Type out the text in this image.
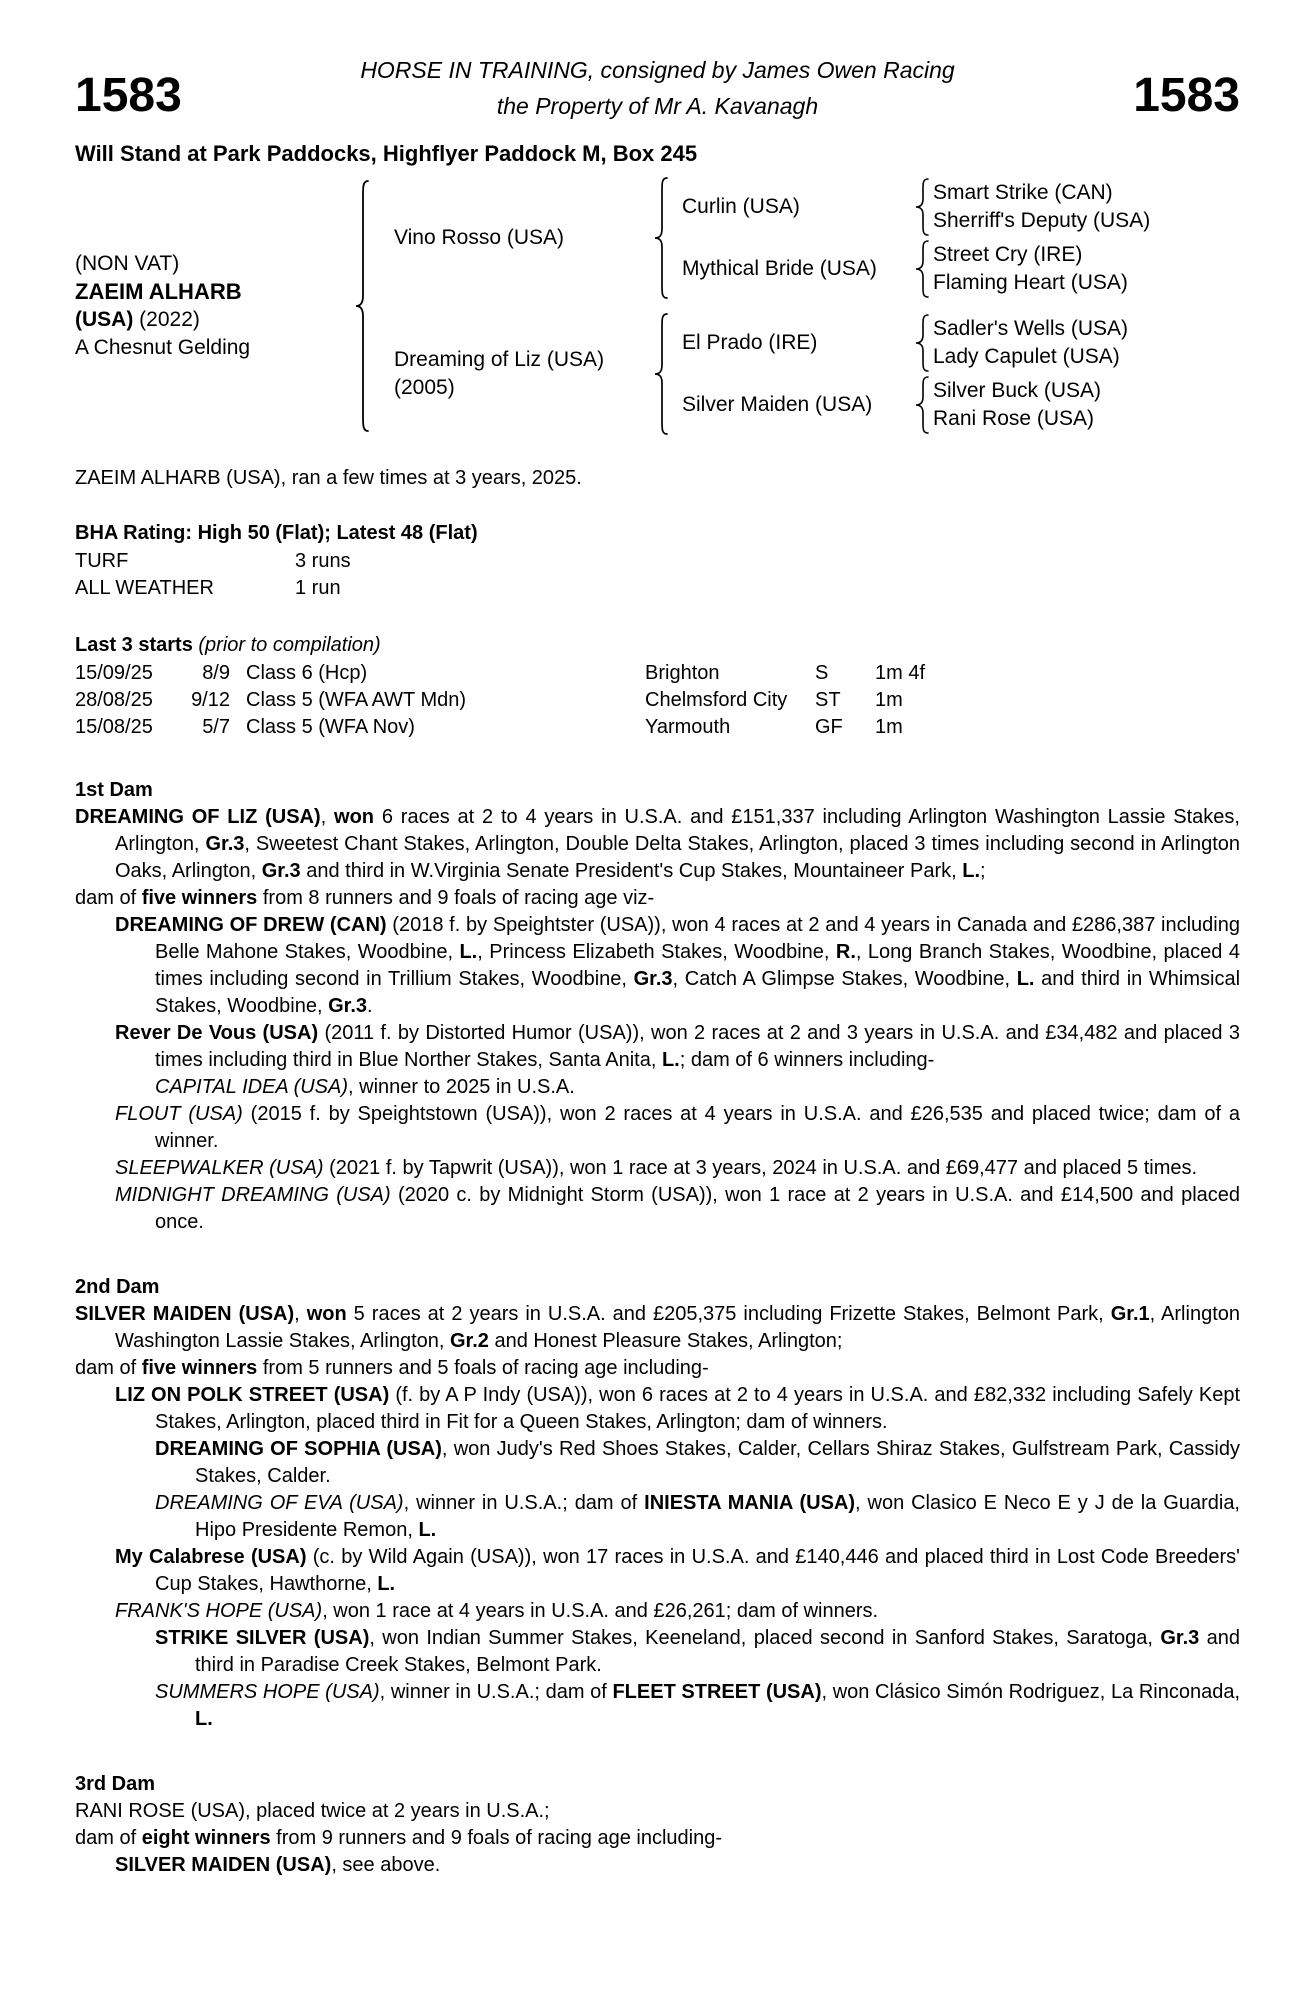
1583	1583
HORSE IN TRAINING, consigned by James Owen Racing
the Property of Mr A. Kavanagh
Will Stand at Park Paddocks, Highflyer Paddock M, Box 245
(NON VAT)
ZAEIM ALHARB
(USA) (2022)
A Chesnut Gelding
Vino Rosso (USA)
Curlin (USA)
Smart Strike (CAN)
Sherriff's Deputy (USA)
Mythical Bride (USA)
Street Cry (IRE)
Flaming Heart (USA)
Dreaming of Liz (USA)
(2005)
El Prado (IRE)
Sadler's Wells (USA)
Lady Capulet (USA)
Silver Maiden (USA)
Silver Buck (USA)
Rani Rose (USA)

ZAEIM ALHARB (USA), ran a few times at 3 years, 2025.

BHA Rating: High 50 (Flat); Latest 48 (Flat)
TURF	3 runs
ALL WEATHER	1 run
Last 3 starts (prior to compilation)
15/09/25	8/9 Class 6 (Hcp)	Brighton	S	1m 4f
28/08/25	9/12 Class 5 (WFA AWT Mdn)	Chelmsford City	ST	1m
15/08/25	5/7 Class 5 (WFA Nov)	Yarmouth	GF	1m
1st Dam

DREAMING OF LIZ (USA), won 6 races at 2 to 4 years in U.S.A. and £151,337 including Arlington Washington Lassie Stakes, Arlington, Gr.3, Sweetest Chant Stakes, Arlington, Double Delta Stakes, Arlington, placed 3 times including second in Arlington Oaks, Arlington, Gr.3 and third in W.Virginia Senate President's Cup Stakes, Mountaineer Park, L.;

dam of five winners from 8 runners and 9 foals of racing age viz-

DREAMING OF DREW (CAN) (2018 f. by Speightster (USA)), won 4 races at 2 and 4 years in Canada and £286,387 including Belle Mahone Stakes, Woodbine, L., Princess Elizabeth Stakes, Woodbine, R., Long Branch Stakes, Woodbine, placed 4 times including second in Trillium Stakes, Woodbine, Gr.3, Catch A Glimpse Stakes, Woodbine, L. and third in Whimsical Stakes, Woodbine, Gr.3.

Rever De Vous (USA) (2011 f. by Distorted Humor (USA)), won 2 races at 2 and 3 years in U.S.A. and £34,482 and placed 3 times including third in Blue Norther Stakes, Santa Anita, L.; dam of 6 winners including-

CAPITAL IDEA (USA), winner to 2025 in U.S.A.

FLOUT (USA) (2015 f. by Speightstown (USA)), won 2 races at 4 years in U.S.A. and £26,535 and placed twice; dam of a winner.

SLEEPWALKER (USA) (2021 f. by Tapwrit (USA)), won 1 race at 3 years, 2024 in U.S.A. and £69,477 and placed 5 times.

MIDNIGHT DREAMING (USA) (2020 c. by Midnight Storm (USA)), won 1 race at 2 years in U.S.A. and £14,500 and placed once.

2nd Dam

SILVER MAIDEN (USA), won 5 races at 2 years in U.S.A. and £205,375 including Frizette Stakes, Belmont Park, Gr.1, Arlington Washington Lassie Stakes, Arlington, Gr.2 and Honest Pleasure Stakes, Arlington;

dam of five winners from 5 runners and 5 foals of racing age including-

LIZ ON POLK STREET (USA) (f. by A P Indy (USA)), won 6 races at 2 to 4 years in U.S.A. and £82,332 including Safely Kept Stakes, Arlington, placed third in Fit for a Queen Stakes, Arlington; dam of winners.

DREAMING OF SOPHIA (USA), won Judy's Red Shoes Stakes, Calder, Cellars Shiraz Stakes, Gulfstream Park, Cassidy Stakes, Calder.

DREAMING OF EVA (USA), winner in U.S.A.; dam of INIESTA MANIA (USA), won Clasico E Neco E y J de la Guardia, Hipo Presidente Remon, L.

My Calabrese (USA) (c. by Wild Again (USA)), won 17 races in U.S.A. and £140,446 and placed third in Lost Code Breeders' Cup Stakes, Hawthorne, L.

FRANK'S HOPE (USA), won 1 race at 4 years in U.S.A. and £26,261; dam of winners.

STRIKE SILVER (USA), won Indian Summer Stakes, Keeneland, placed second in Sanford Stakes, Saratoga, Gr.3 and third in Paradise Creek Stakes, Belmont Park.

SUMMERS HOPE (USA), winner in U.S.A.; dam of FLEET STREET (USA), won Clásico Simón Rodriguez, La Rinconada, L.

3rd Dam

RANI ROSE (USA), placed twice at 2 years in U.S.A.;

dam of eight winners from 9 runners and 9 foals of racing age including-

SILVER MAIDEN (USA), see above.
